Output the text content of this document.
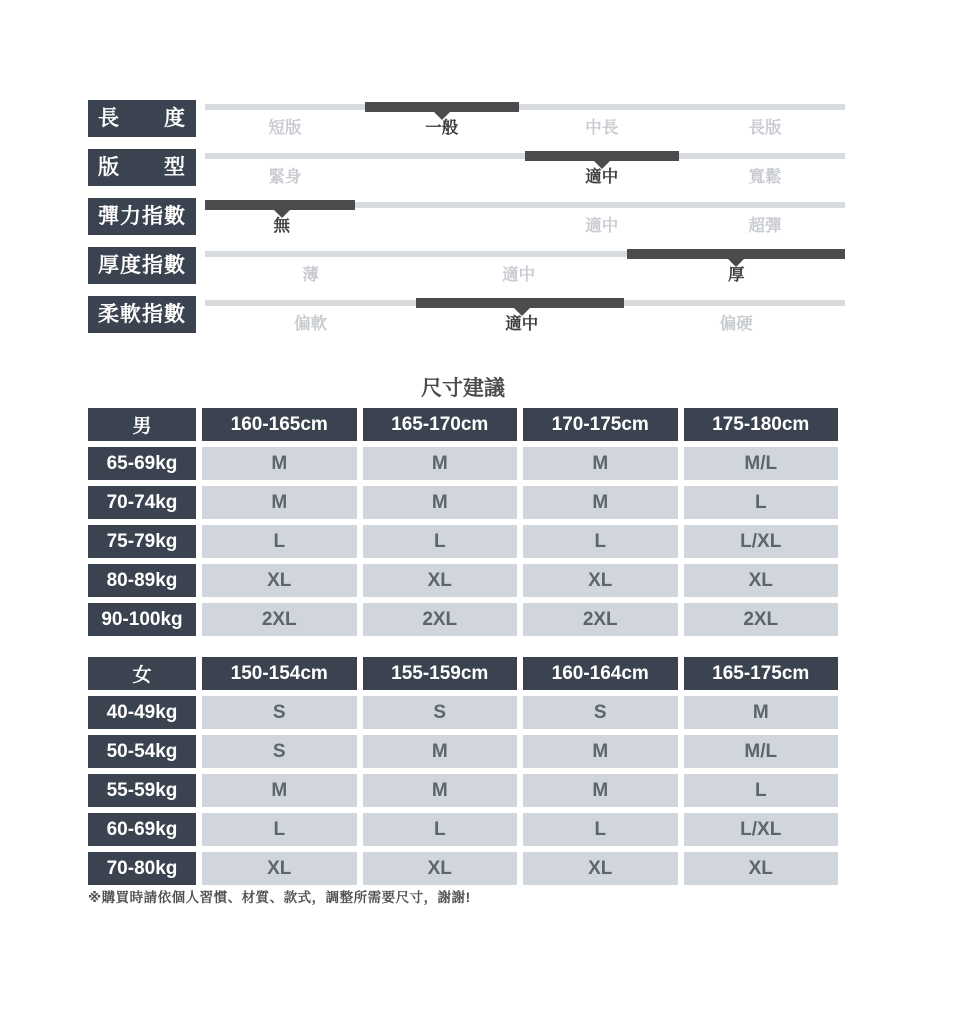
長度	短版	一般	中長	長版
版型	緊身	適中	寬鬆
彈力指數	無	適中	超彈
厚度指數	薄	適中	厚
柔軟指數	偏軟	適中	偏硬
尺寸建議
男	160-165cm	165-170cm	170-175cm	175-180cm
65-69kg	M	M	M	M/L
70-74kg	M	M	M	L
75-79kg	L	L	L	L/XL
80-89kg	XL	XL	XL	XL
90-100kg	2XL	2XL	2XL	2XL
女	150-154cm	155-159cm	160-164cm	165-175cm
40-49kg	S	S	S	M
50-54kg	S	M	M	M/L
55-59kg	M	M	M	L
60-69kg	L	L	L	L/XL
70-80kg	XL	XL	XL	XL

※購買時請依個人習慣、材質、款式，調整所需要尺寸，謝謝!
